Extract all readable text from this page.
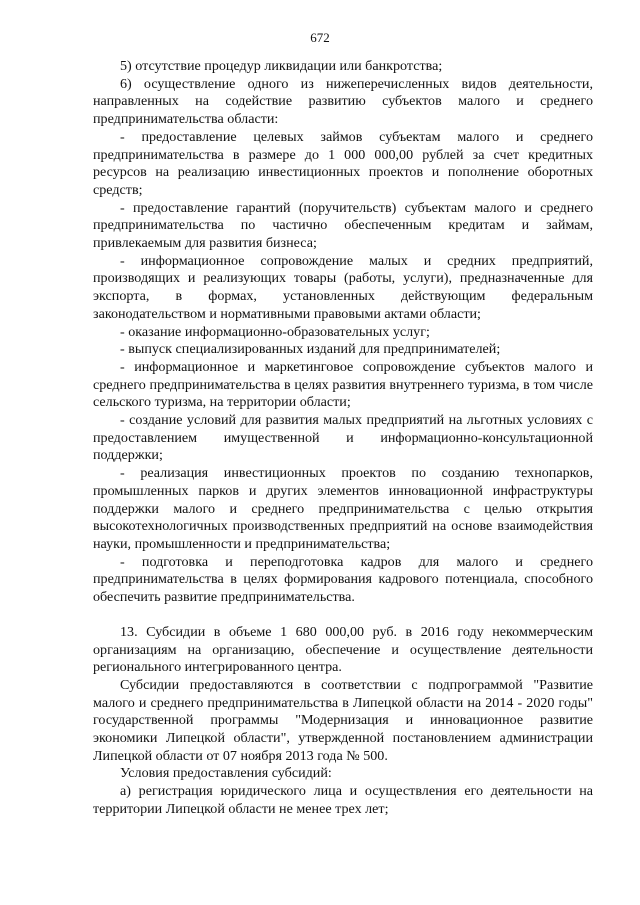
672

5) отсутствие процедур ликвидации или банкротства;

6) осуществление одного из нижеперечисленных видов деятельности, направленных на содействие развитию субъектов малого и среднего предпринимательства области:

- предоставление целевых займов субъектам малого и среднего предпринимательства в размере до 1 000 000,00 рублей за счет кредитных ресурсов на реализацию инвестиционных проектов и пополнение оборотных средств;

- предоставление гарантий (поручительств) субъектам малого и среднего предпринимательства по частично обеспеченным кредитам и займам, привлекаемым для развития бизнеса;

- информационное сопровождение малых и средних предприятий, производящих и реализующих товары (работы, услуги), предназначенные для экспорта, в формах, установленных действующим федеральным законодательством и нормативными правовыми актами области;

- оказание информационно-образовательных услуг;

- выпуск специализированных изданий для предпринимателей;

- информационное и маркетинговое сопровождение субъектов малого и среднего предпринимательства в целях развития внутреннего туризма, в том числе сельского туризма, на территории области;

- создание условий для развития малых предприятий на льготных условиях с предоставлением имущественной и информационно-консультационной поддержки;

- реализация инвестиционных проектов по созданию технопарков, промышленных парков и других элементов инновационной инфраструктуры поддержки малого и среднего предпринимательства с целью открытия высокотехнологичных производственных предприятий на основе взаимодействия науки, промышленности и предпринимательства;

- подготовка и переподготовка кадров для малого и среднего предпринимательства в целях формирования кадрового потенциала, способного обеспечить развитие предпринимательства.

13. Субсидии в объеме 1 680 000,00 руб. в 2016 году некоммерческим организациям на организацию, обеспечение и осуществление деятельности регионального интегрированного центра.

Субсидии предоставляются в соответствии с подпрограммой "Развитие малого и среднего предпринимательства в Липецкой области на 2014 - 2020 годы" государственной программы "Модернизация и инновационное развитие экономики Липецкой области", утвержденной постановлением администрации Липецкой области от 07 ноября 2013 года № 500.

Условия предоставления субсидий:

а) регистрация юридического лица и осуществления его деятельности на территории Липецкой области не менее трех лет;
